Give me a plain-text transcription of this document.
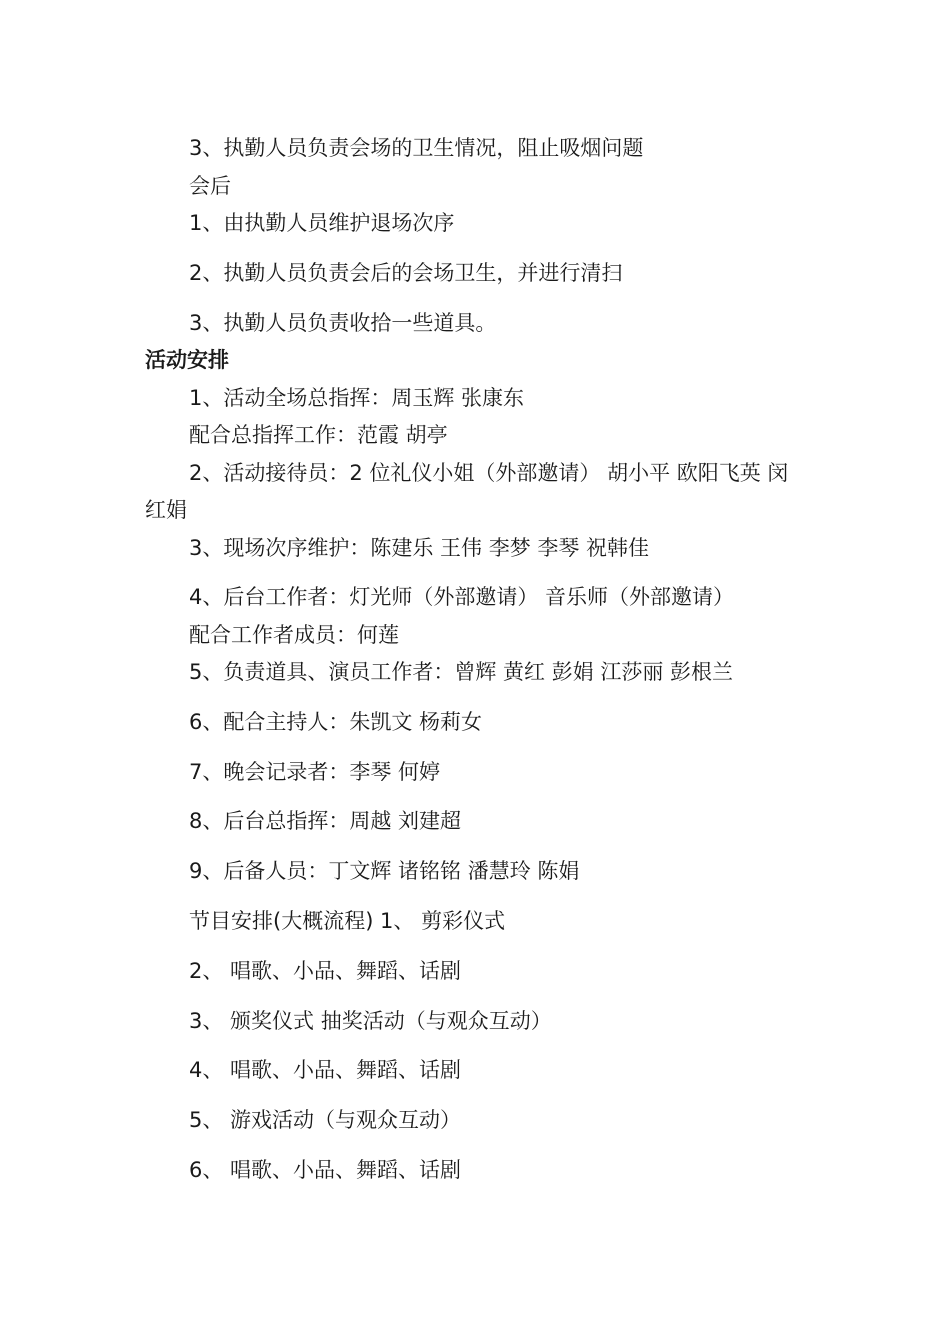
3、执勤人员负责会场的卫生情况，阻止吸烟问题

会后

1、由执勤人员维护退场次序

2、执勤人员负责会后的会场卫生，并进行清扫

3、执勤人员负责收拾一些道具。

活动安排

1、活动全场总指挥：周玉辉 张康东

配合总指挥工作：范霞 胡亭

2、活动接待员：2 位礼仪小姐（外部邀请） 胡小平 欧阳飞英 闵

红娟

3、现场次序维护：陈建乐 王伟 李梦 李琴 祝韩佳

4、后台工作者：灯光师（外部邀请） 音乐师（外部邀请）

配合工作者成员：何莲

5、负责道具、演员工作者：曾辉 黄红 彭娟 江莎丽 彭根兰

6、配合主持人：朱凯文 杨莉女

7、晚会记录者：李琴 何婷

8、后台总指挥：周越 刘建超

9、后备人员：丁文辉 诸铭铭 潘慧玲 陈娟

节目安排(大概流程) 1、 剪彩仪式

2、 唱歌、小品、舞蹈、话剧

3、 颁奖仪式 抽奖活动（与观众互动）

4、 唱歌、小品、舞蹈、话剧

5、 游戏活动（与观众互动）

6、 唱歌、小品、舞蹈、话剧
